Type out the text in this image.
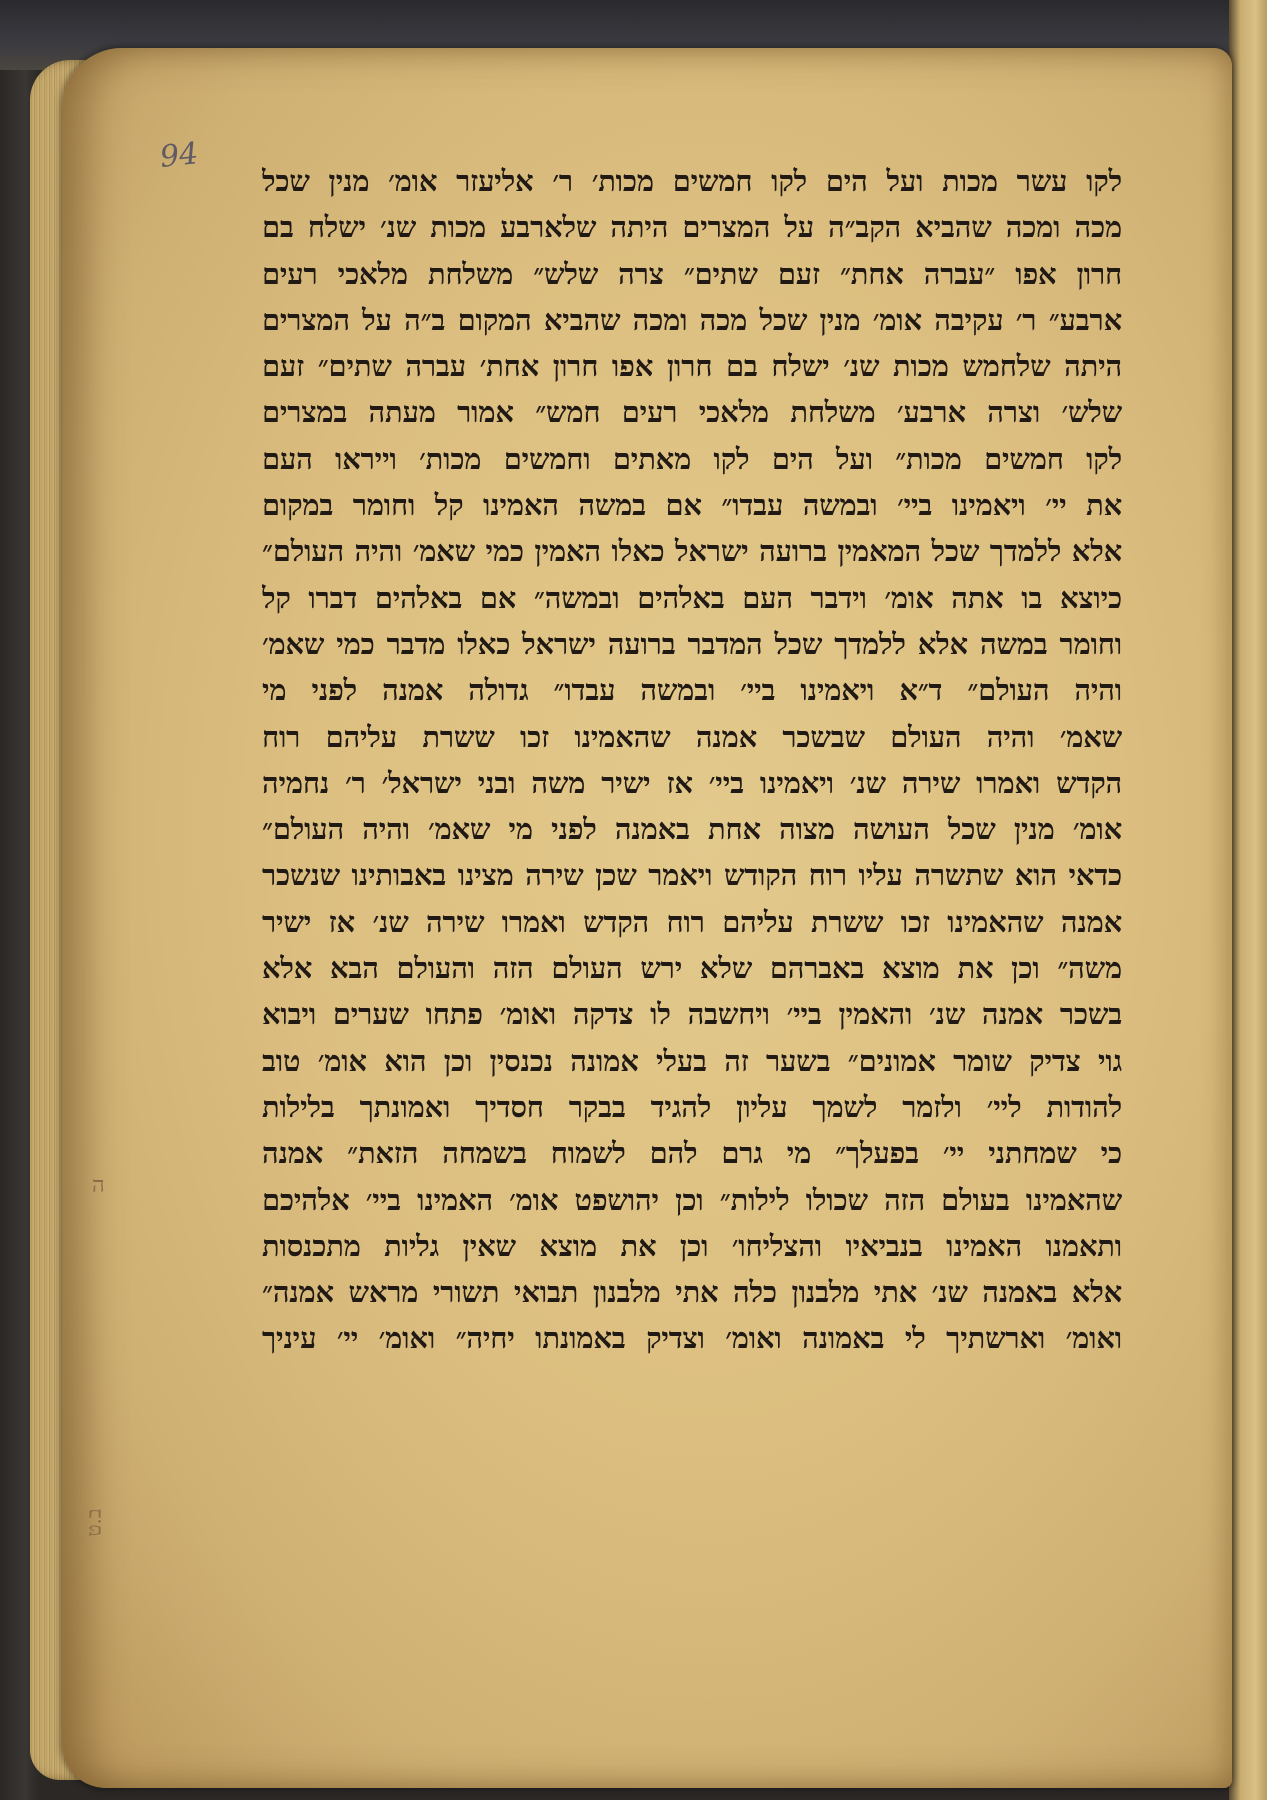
94
ה
ב.ט
לקו עשר מכות ועל הים לקו חמשים מכות׳ ר׳ אליעזר אומ׳ מנין שכל
מכה ומכה שהביא הקב״ה על המצרים היתה שלארבע מכות שנ׳ ישלח בם
חרון אפו ״עברה אחת״ זעם שתים״ צרה שלש״ משלחת מלאכי רעים
ארבע״ ר׳ עקיבה אומ׳ מנין שכל מכה ומכה שהביא המקום ב״ה על המצרים
היתה שלחמש מכות שנ׳ ישלח בם חרון אפו חרון אחת׳ עברה שתים״ זעם
שלש׳ וצרה ארבע׳ משלחת מלאכי רעים חמש״ אמור מעתה במצרים
לקו חמשים מכות״ ועל הים לקו מאתים וחמשים מכות׳ וייראו העם
את יי׳ ויאמינו ביי׳ ובמשה עבדו״ אם במשה האמינו קל וחומר במקום
אלא ללמדך שכל המאמין ברועה ישראל כאלו האמין כמי שאמ׳ והיה העולם״
כיוצא בו אתה אומ׳ וידבר העם באלהים ובמשה״ אם באלהים דברו קל
וחומר במשה אלא ללמדך שכל המדבר ברועה ישראל כאלו מדבר כמי שאמ׳
והיה העולם״ ד״א ויאמינו ביי׳ ובמשה עבדו״ גדולה אמנה לפני מי
שאמ׳ והיה העולם שבשכר אמנה שהאמינו זכו ששרת עליהם רוח
הקדש ואמרו שירה שנ׳ ויאמינו ביי׳ אז ישיר משה ובני ישראל׳ ר׳ נחמיה
אומ׳ מנין שכל העושה מצוה אחת באמנה לפני מי שאמ׳ והיה העולם״
כדאי הוא שתשרה עליו רוח הקודש ויאמר שכן שירה מצינו באבותינו שנשכר
אמנה שהאמינו זכו ששרת עליהם רוח הקדש ואמרו שירה שנ׳ אז ישיר
משה״ וכן את מוצא באברהם שלא ירש העולם הזה והעולם הבא אלא
בשכר אמנה שנ׳ והאמין ביי׳ ויחשבה לו צדקה ואומ׳ פתחו שערים ויבוא
גוי צדיק שומר אמונים״ בשער זה בעלי אמונה נכנסין וכן הוא אומ׳ טוב
להודות ליי׳ ולזמר לשמך עליון להגיד בבקר חסדיך ואמונתך בלילות
כי שמחתני יי׳ בפעלך״ מי גרם להם לשמוח בשמחה הזאת״ אמנה
שהאמינו בעולם הזה שכולו לילות״ וכן יהושפט אומ׳ האמינו ביי׳ אלהיכם
ותאמנו האמינו בנביאיו והצליחו׳ וכן את מוצא שאין גליות מתכנסות
אלא באמנה שנ׳ אתי מלבנון כלה אתי מלבנון תבואי תשורי מראש אמנה״
ואומ׳ וארשתיך לי באמונה ואומ׳ וצדיק באמונתו יחיה״ ואומ׳ יי׳ עיניך
